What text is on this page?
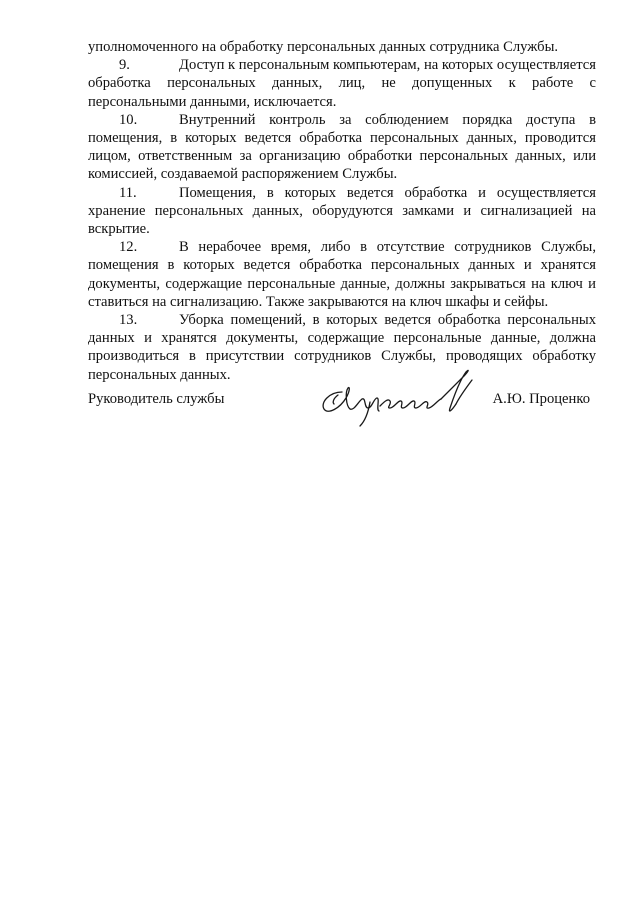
уполномоченного на обработку персональных данных сотрудника Службы.

9.	Доступ к персональным компьютерам, на которых осуществляется обработка персональных данных, лиц, не допущенных к работе с персональными данными, исключается.

10.	Внутренний контроль за соблюдением порядка доступа в помещения, в которых ведется обработка персональных данных, проводится лицом, ответственным за организацию обработки персональных данных, или комиссией, создаваемой распоряжением Службы.

11.	Помещения, в которых ведется обработка и осуществляется хранение персональных данных, оборудуются замками и сигнализацией на вскрытие.

12.	В нерабочее время, либо в отсутствие сотрудников Службы, помещения в которых ведется обработка персональных данных и хранятся документы, содержащие персональные данные, должны закрываться на ключ и ставиться на сигнализацию. Также закрываются на ключ шкафы и сейфы.

13.	Уборка помещений, в которых ведется обработка персональных данных и хранятся документы, содержащие персональные данные, должна производиться в присутствии сотрудников Службы, проводящих обработку персональных данных.

Руководитель службы	А.Ю. Проценко
